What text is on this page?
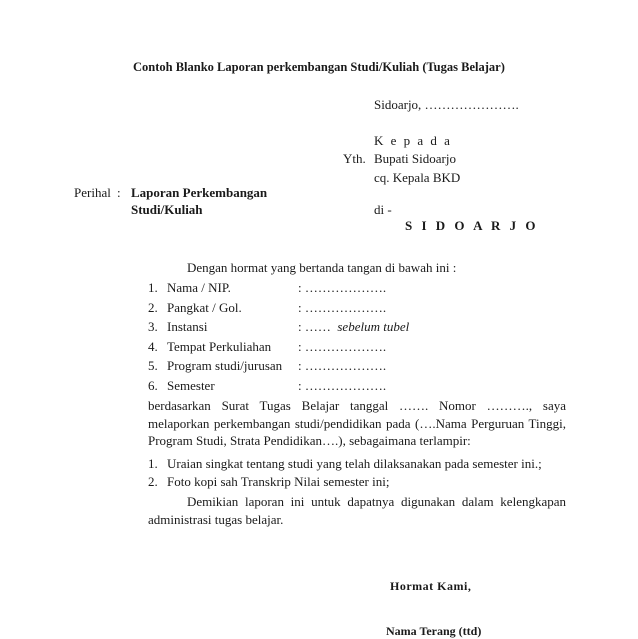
Contoh Blanko Laporan perkembangan Studi/Kuliah (Tugas Belajar)
Sidoarjo, ………………….
K e p a d a
Yth. Bupati Sidoarjo
cq. Kepala BKD
Perihal : Laporan Perkembangan
Studi/Kuliah	di -
S I D O A R J O
Dengan hormat yang bertanda tangan di bawah ini :
1. Nama / NIP.	: ……………….
2. Pangkat / Gol.	: ……………….
3. Instansi	: …… sebelum tubel
4. Tempat Perkuliahan : ……………….
5. Program studi/jurusan : ……………….
6. Semester	: ……………….

berdasarkan Surat Tugas Belajar tanggal ……. Nomor ………., saya melaporkan perkembangan studi/pendidikan pada (….Nama Perguruan Tinggi, Program Studi, Strata Pendidikan….), sebagaimana terlampir:

1. Uraian singkat tentang studi yang telah dilaksanakan pada semester ini.;
2. Foto kopi sah Transkrip Nilai semester ini;

Demikian laporan ini untuk dapatnya digunakan dalam kelengkapan administrasi tugas belajar.

Hormat Kami,
Nama Terang (ttd)
